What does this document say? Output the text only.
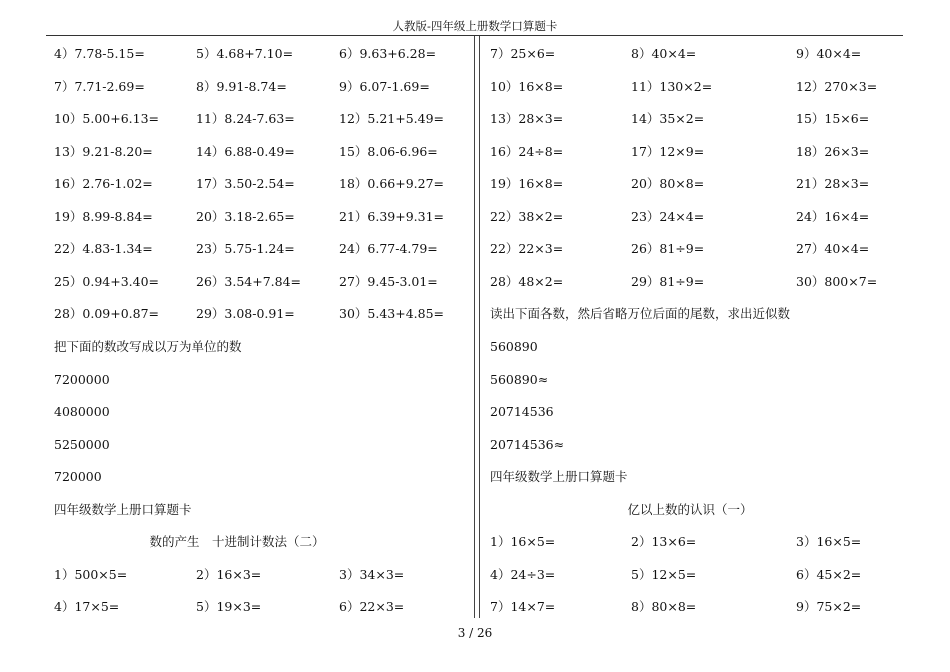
人教版-四年级上册数学口算题卡
4）7.78-5.15=	5）4.68+7.10=	6）9.63+6.28=
7）7.71-2.69=	8）9.91-8.74=	9）6.07-1.69=
10）5.00+6.13=	11）8.24-7.63=	12）5.21+5.49=
13）9.21-8.20=	14）6.88-0.49=	15）8.06-6.96=
16）2.76-1.02=	17）3.50-2.54=	18）0.66+9.27=
19）8.99-8.84=	20）3.18-2.65=	21）6.39+9.31=
22）4.83-1.34=	23）5.75-1.24=	24）6.77-4.79=
25）0.94+3.40=	26）3.54+7.84=	27）9.45-3.01=
28）0.09+0.87=	29）3.08-0.91=	30）5.43+4.85=
把下面的数改写成以万为单位的数
7200000
4080000
5250000
720000
四年级数学上册口算题卡
数的产生　十进制计数法（二）
1）500×5=	2）16×3=	3）34×3=
4）17×5=	5）19×3=	6）22×3=
7）25×6=	8）40×4=	9）40×4=
10）16×8=	11）130×2=	12）270×3=
13）28×3=	14）35×2=	15）15×6=
16）24÷8=	17）12×9=	18）26×3=
19）16×8=	20）80×8=	21）28×3=
22）38×2=	23）24×4=	24）16×4=
22）22×3=	26）81÷9=	27）40×4=
28）48×2=	29）81÷9=	30）800×7=
读出下面各数，然后省略万位后面的尾数，求出近似数
560890
560890≈
20714536
20714536≈
四年级数学上册口算题卡
亿以上数的认识（一）
1）16×5=	2）13×6=	3）16×5=
4）24÷3=	5）12×5=	6）45×2=
7）14×7=	8）80×8=	9）75×2=
3 / 26
